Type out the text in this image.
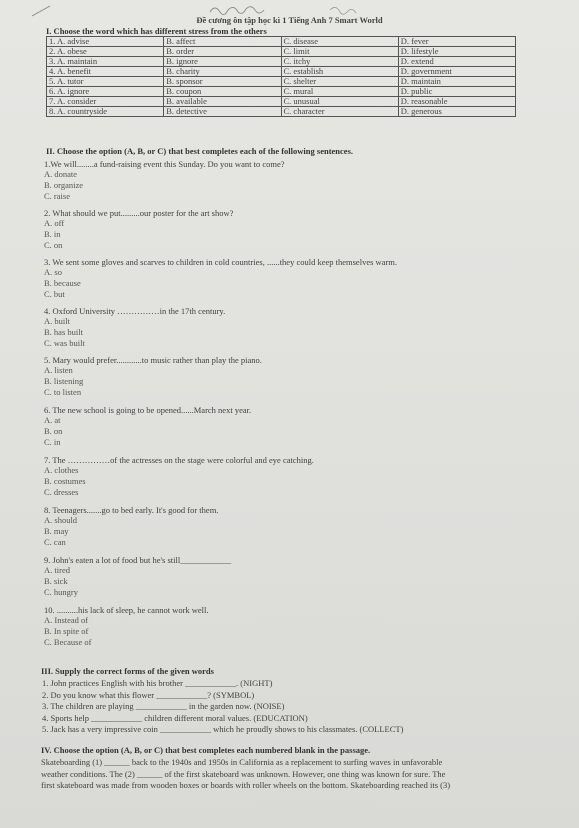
Đề cương ôn tập học kì 1 Tiếng Anh 7 Smart World
I. Choose the word which has different stress from the others
1. A. advise	B. affect	C. disease	D. fever
2. A. obese	B. order	C. limit	D. lifestyle
3. A. maintain	B. ignore	C. itchy	D. extend
4. A. benefit	B. charity	C. establish	D. government
5. A. tutor	B. sponsor	C. shelter	D. maintain
6. A. ignore	B. coupon	C. mural	D. public
7. A. consider	B. available	C. unusual	D. reasonable
8. A. countryside	B. detective	C. character	D. generous
II. Choose the option (A, B, or C) that best completes each of the following sentences.
1.We will........a fund-raising event this Sunday. Do you want to come?
A. donate
B. organize
C. raise
2. What should we put.........our poster for the art show?
A. off
B. in
C. on
3. We sent some gloves and scarves to children in cold countries, ......they could keep themselves warm.
A. so
B. because
C. but
4. Oxford University ……………in the 17th century.
A. built
B. has built
C. was built
5. Mary would prefer............to music rather than play the piano.
A. listen
B. listening
C. to listen
6. The new school is going to be opened......March next year.
A. at
B. on
C. in
7. The ……………of the actresses on the stage were colorful and eye catching.
A. clothes
B. costumes
C. dresses
8. Teenagers.......go to bed early. It's good for them.
A. should
B. may
C. can
9. John's eaten a lot of food but he's still____________
A. tired
B. sick
C. hungry
10. ..........his lack of sleep, he cannot work well.
A. Instead of
B. In spite of
C. Because of
III. Supply the correct forms of the given words
1. John practices English with his brother ____________. (NIGHT)
2. Do you know what this flower ____________? (SYMBOL)
3. The children are playing ____________ in the garden now. (NOISE)
4. Sports help ____________ children different moral values. (EDUCATION)
5. Jack has a very impressive coin ____________ which he proudly shows to his classmates. (COLLECT)
IV. Choose the option (A, B, or C) that best completes each numbered blank in the passage.
Skateboarding (1) ______ back to the 1940s and 1950s in California as a replacement to surfing waves in unfavorable
weather conditions. The (2) ______ of the first skateboard was unknown. However, one thing was known for sure. The
first skateboard was made from wooden boxes or boards with roller wheels on the bottom. Skateboarding reached its (3)
